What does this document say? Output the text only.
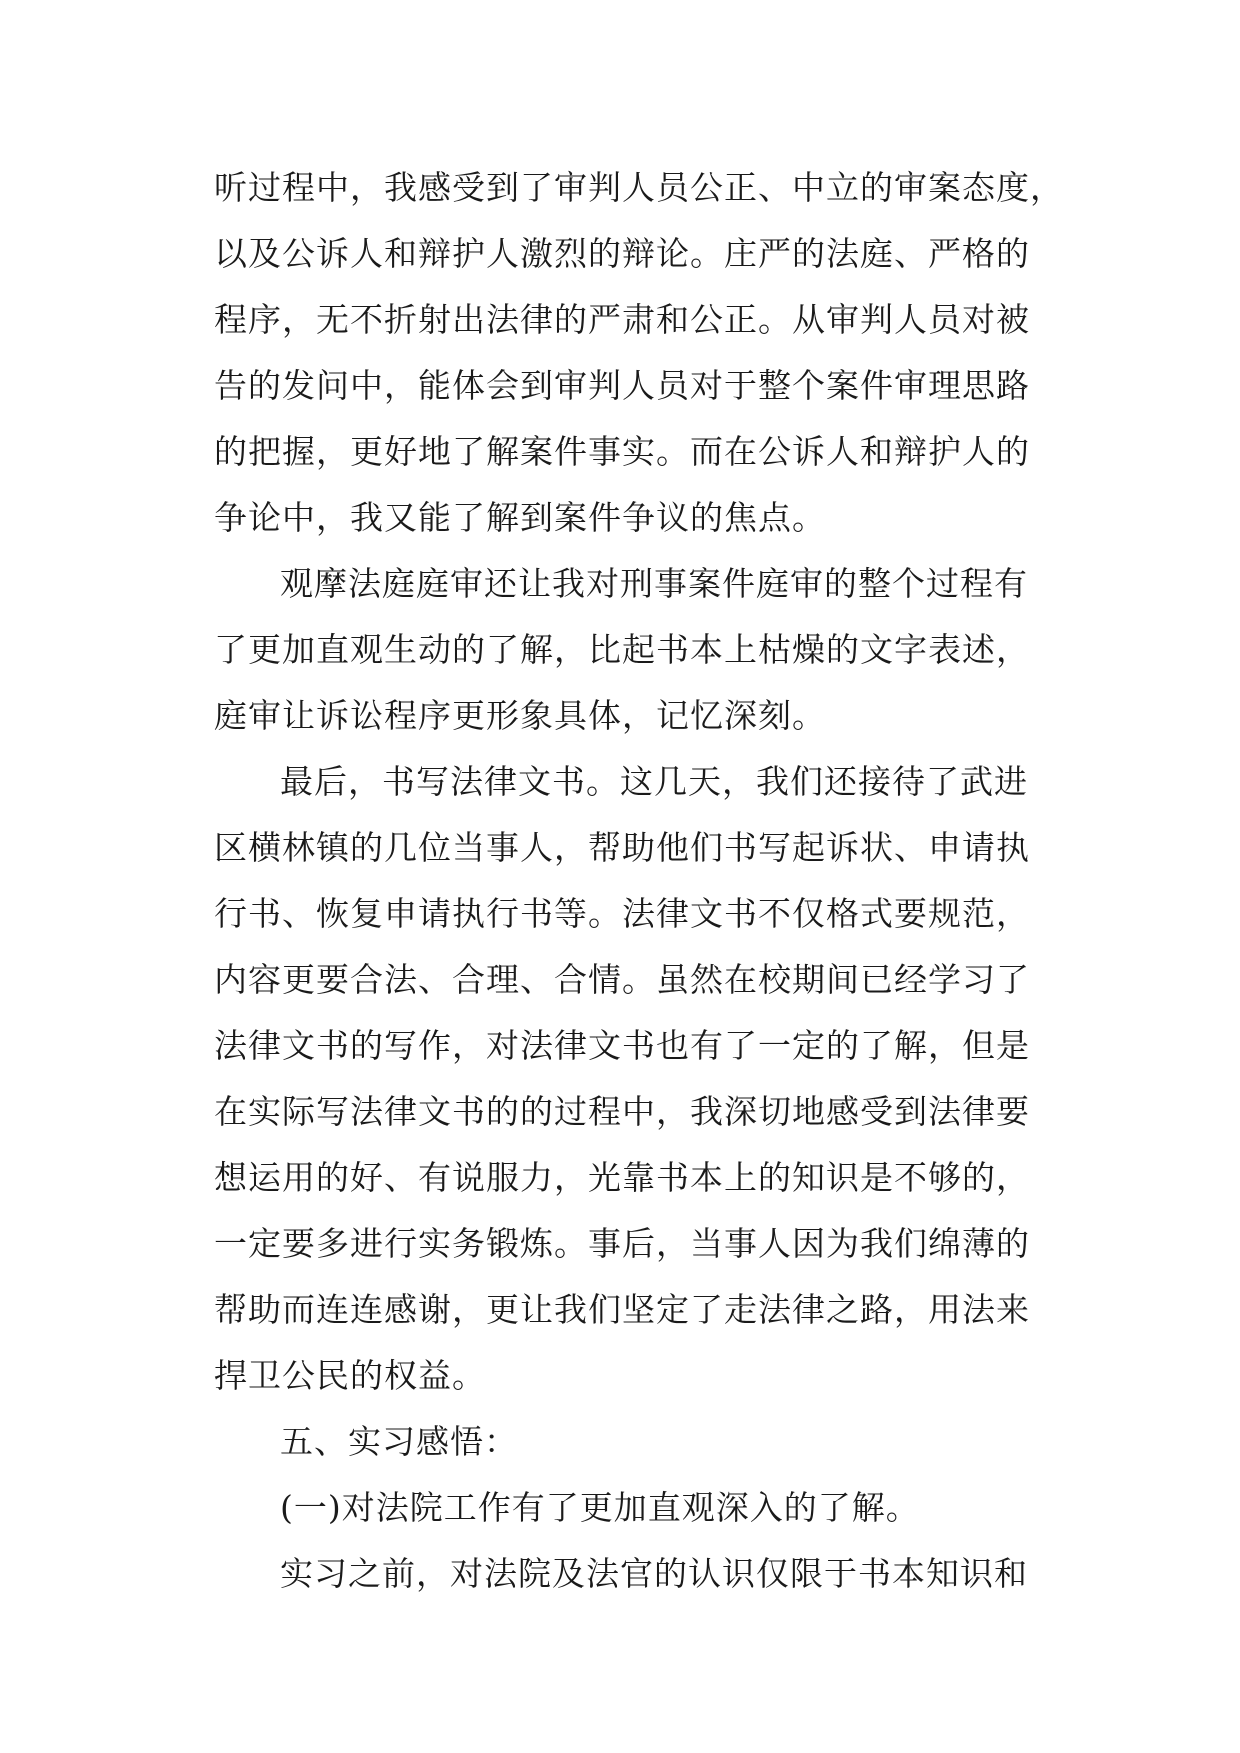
听过程中，我感受到了审判人员公正、中立的审案态度，
以及公诉人和辩护人激烈的辩论。庄严的法庭、严格的
程序，无不折射出法律的严肃和公正。从审判人员对被
告的发问中，能体会到审判人员对于整个案件审理思路
的把握，更好地了解案件事实。而在公诉人和辩护人的
争论中，我又能了解到案件争议的焦点。
观摩法庭庭审还让我对刑事案件庭审的整个过程有
了更加直观生动的了解，比起书本上枯燥的文字表述，
庭审让诉讼程序更形象具体，记忆深刻。
最后，书写法律文书。这几天，我们还接待了武进
区横林镇的几位当事人，帮助他们书写起诉状、申请执
行书、恢复申请执行书等。法律文书不仅格式要规范，
内容更要合法、合理、合情。虽然在校期间已经学习了
法律文书的写作，对法律文书也有了一定的了解，但是
在实际写法律文书的的过程中，我深切地感受到法律要
想运用的好、有说服力，光靠书本上的知识是不够的，
一定要多进行实务锻炼。事后，当事人因为我们绵薄的
帮助而连连感谢，更让我们坚定了走法律之路，用法来
捍卫公民的权益。
五、实习感悟：
(一)对法院工作有了更加直观深入的了解。
实习之前，对法院及法官的认识仅限于书本知识和
